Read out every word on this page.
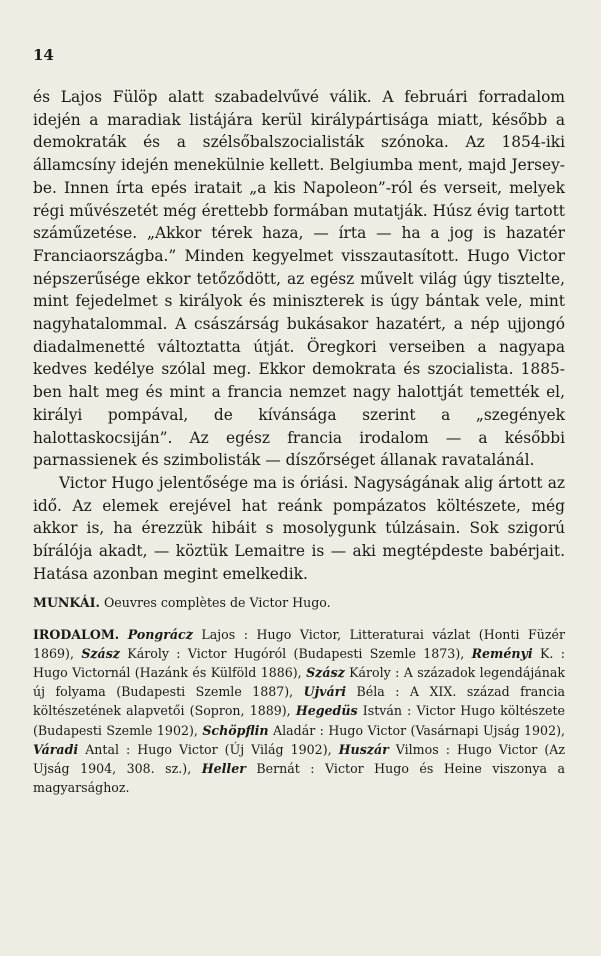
14

és Lajos Fülöp alatt szabadelvűvé válik. A februári forradalom idején a maradiak listájára kerül királypártisága miatt, később a demokraták és a szélsőbalszocialisták szónoka. Az 1854-iki államcsíny idején menekülnie kellett. Belgiumba ment, majd Jersey-be. Innen írta epés iratait „a kis Napoleon”-ról és verseit, melyek régi művészetét még érettebb formában mutatják. Húsz évig tartott száműzetése. „Akkor térek haza, — írta — ha a jog is hazatér Franciaországba.” Minden kegyelmet visszautasított. Hugo Victor népszerűsége ekkor tetőződött, az egész művelt világ úgy tisztelte, mint fejedelmet s királyok és miniszterek is úgy bántak vele, mint nagyhatalommal. A császárság bukásakor hazatért, a nép ujjongó diadalmenetté változtatta útját. Öregkori verseiben a nagyapa kedves kedélye szólal meg. Ekkor demokrata és szocialista. 1885-ben halt meg és mint a francia nemzet nagy halottját temették el, királyi pompával, de kívánsága szerint a „szegények halottaskocsiján”. Az egész francia irodalom — a későbbi parnassienek és szimbolisták — díszőrséget állanak ravatalánál.

Victor Hugo jelentősége ma is óriási. Nagyságának alig ártott az idő. Az elemek erejével hat reánk pompázatos költészete, még akkor is, ha érezzük hibáit s mosolygunk túlzásain. Sok szigorú bírálója akadt, — köztük Lemaitre is — aki megtépdeste babérjait. Hatása azonban megint emelkedik.

MUNKÁI. Oeuvres complètes de Victor Hugo.

IRODALOM. Pongrácz Lajos : Hugo Victor, Litteraturai vázlat (Honti Füzér 1869), Szász Károly : Victor Hugóról (Budapesti Szemle 1873), Reményi K. : Hugo Victornál (Hazánk és Külföld 1886), Szász Károly : A századok legendájának új folyama (Budapesti Szemle 1887), Ujvári Béla : A XIX. század francia költészetének alapvetői (Sopron, 1889), Hegedüs István : Victor Hugo költészete (Budapesti Szemle 1902), Schöpflin Aladár : Hugo Victor (Vasárnapi Ujság 1902), Váradi Antal : Hugo Victor (Új Világ 1902), Huszár Vilmos : Hugo Victor (Az Ujság 1904, 308. sz.), Heller Bernát : Victor Hugo és Heine viszonya a magyarsághoz.
